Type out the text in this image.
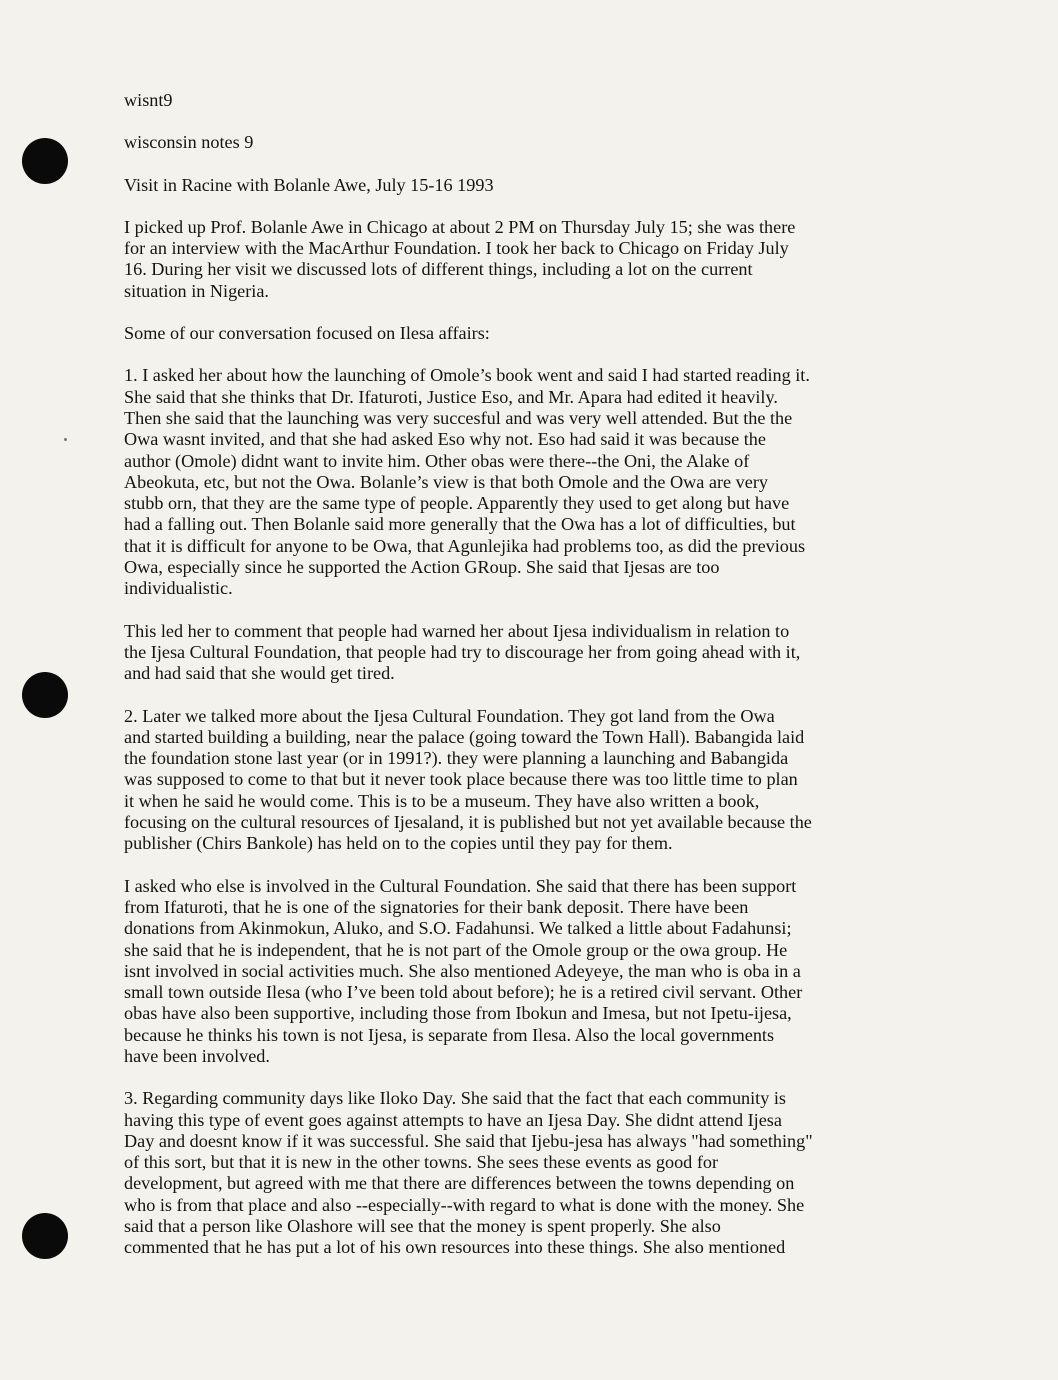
wisnt9

wisconsin notes 9

Visit in Racine with Bolanle Awe, July 15-16 1993

I picked up Prof. Bolanle Awe in Chicago at about 2 PM on Thursday July 15; she was there
for an interview with the MacArthur Foundation. I took her back to Chicago on Friday July
16. During her visit we discussed lots of different things, including a lot on the current
situation in Nigeria.

Some of our conversation focused on Ilesa affairs:

1. I asked her about how the launching of Omole’s book went and said I had started reading it.
She said that she thinks that Dr. Ifaturoti, Justice Eso, and Mr. Apara had edited it heavily.
Then she said that the launching was very succesful and was very well attended. But the the
Owa wasnt invited, and that she had asked Eso why not. Eso had said it was because the
author (Omole) didnt want to invite him. Other obas were there--the Oni, the Alake of
Abeokuta, etc, but not the Owa. Bolanle’s view is that both Omole and the Owa are very
stubb orn, that they are the same type of people. Apparently they used to get along but have
had a falling out. Then Bolanle said more generally that the Owa has a lot of difficulties, but
that it is difficult for anyone to be Owa, that Agunlejika had problems too, as did the previous
Owa, especially since he supported the Action GRoup. She said that Ijesas are too
individualistic.

This led her to comment that people had warned her about Ijesa individualism in relation to
the Ijesa Cultural Foundation, that people had try to discourage her from going ahead with it,
and had said that she would get tired.

2. Later we talked more about the Ijesa Cultural Foundation. They got land from the Owa
and started building a building, near the palace (going toward the Town Hall). Babangida laid
the foundation stone last year (or in 1991?). they were planning a launching and Babangida
was supposed to come to that but it never took place because there was too little time to plan
it when he said he would come. This is to be a museum. They have also written a book,
focusing on the cultural resources of Ijesaland, it is published but not yet available because the
publisher (Chirs Bankole) has held on to the copies until they pay for them.

I asked who else is involved in the Cultural Foundation. She said that there has been support
from Ifaturoti, that he is one of the signatories for their bank deposit. There have been
donations from Akinmokun, Aluko, and S.O. Fadahunsi. We talked a little about Fadahunsi;
she said that he is independent, that he is not part of the Omole group or the owa group. He
isnt involved in social activities much. She also mentioned Adeyeye, the man who is oba in a
small town outside Ilesa (who I’ve been told about before); he is a retired civil servant. Other
obas have also been supportive, including those from Ibokun and Imesa, but not Ipetu-ijesa,
because he thinks his town is not Ijesa, is separate from Ilesa. Also the local governments
have been involved.

3. Regarding community days like Iloko Day. She said that the fact that each community is
having this type of event goes against attempts to have an Ijesa Day. She didnt attend Ijesa
Day and doesnt know if it was successful. She said that Ijebu-jesa has always "had something"
of this sort, but that it is new in the other towns. She sees these events as good for
development, but agreed with me that there are differences between the towns depending on
who is from that place and also --especially--with regard to what is done with the money. She
said that a person like Olashore will see that the money is spent properly. She also
commented that he has put a lot of his own resources into these things. She also mentioned
